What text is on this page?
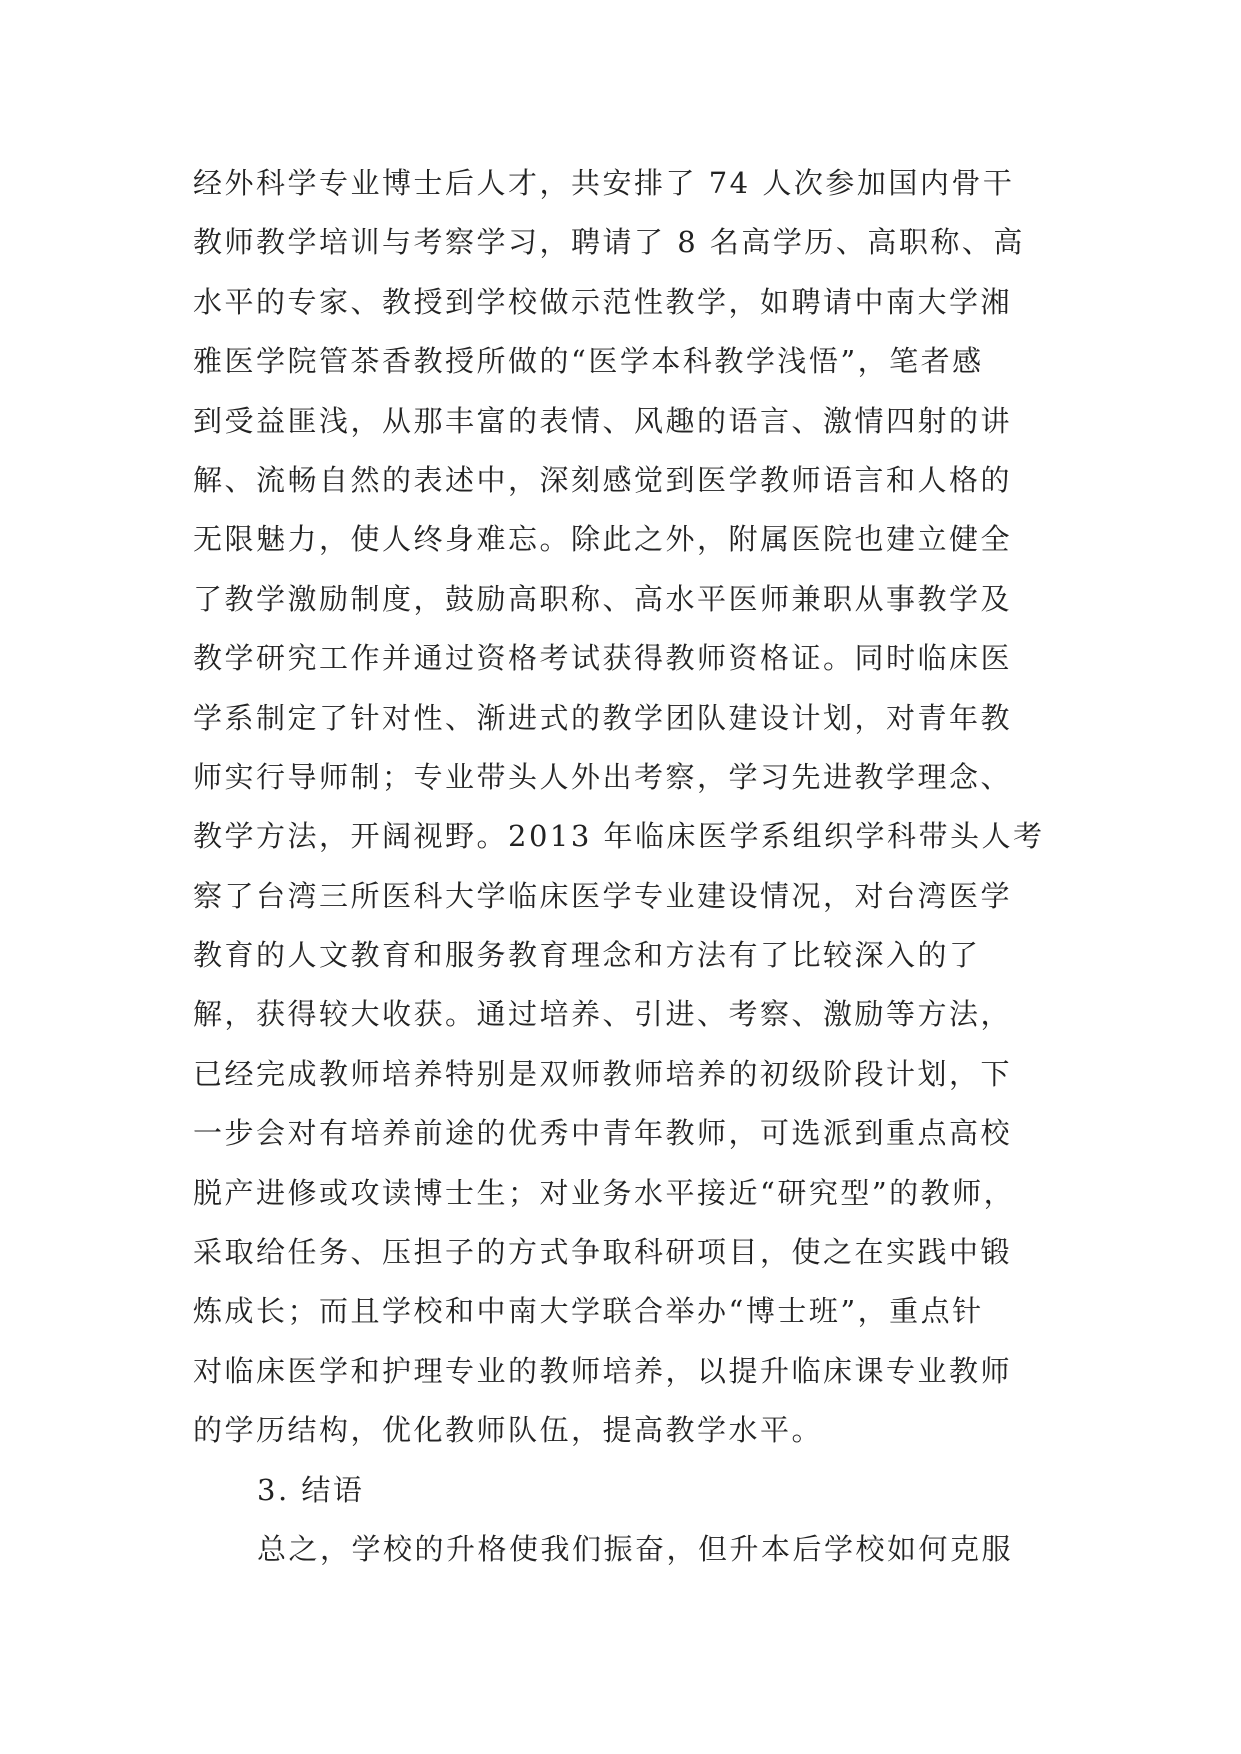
经外科学专业博士后人才，共安排了 74 人次参加国内骨干
教师教学培训与考察学习，聘请了 8 名高学历、高职称、高
水平的专家、教授到学校做示范性教学，如聘请中南大学湘
雅医学院管茶香教授所做的“医学本科教学浅悟”，笔者感
到受益匪浅，从那丰富的表情、风趣的语言、激情四射的讲
解、流畅自然的表述中，深刻感觉到医学教师语言和人格的
无限魅力，使人终身难忘。除此之外，附属医院也建立健全
了教学激励制度，鼓励高职称、高水平医师兼职从事教学及
教学研究工作并通过资格考试获得教师资格证。同时临床医
学系制定了针对性、渐进式的教学团队建设计划，对青年教
师实行导师制；专业带头人外出考察，学习先进教学理念、
教学方法，开阔视野。2013 年临床医学系组织学科带头人考
察了台湾三所医科大学临床医学专业建设情况，对台湾医学
教育的人文教育和服务教育理念和方法有了比较深入的了
解，获得较大收获。通过培养、引进、考察、激励等方法，
已经完成教师培养特别是双师教师培养的初级阶段计划，下
一步会对有培养前途的优秀中青年教师，可选派到重点高校
脱产进修或攻读博士生；对业务水平接近“研究型”的教师，
采取给任务、压担子的方式争取科研项目，使之在实践中锻
炼成长；而且学校和中南大学联合举办“博士班”，重点针
对临床医学和护理专业的教师培养，以提升临床课专业教师
的学历结构，优化教师队伍，提高教学水平。
3. 结语
总之，学校的升格使我们振奋，但升本后学校如何克服
